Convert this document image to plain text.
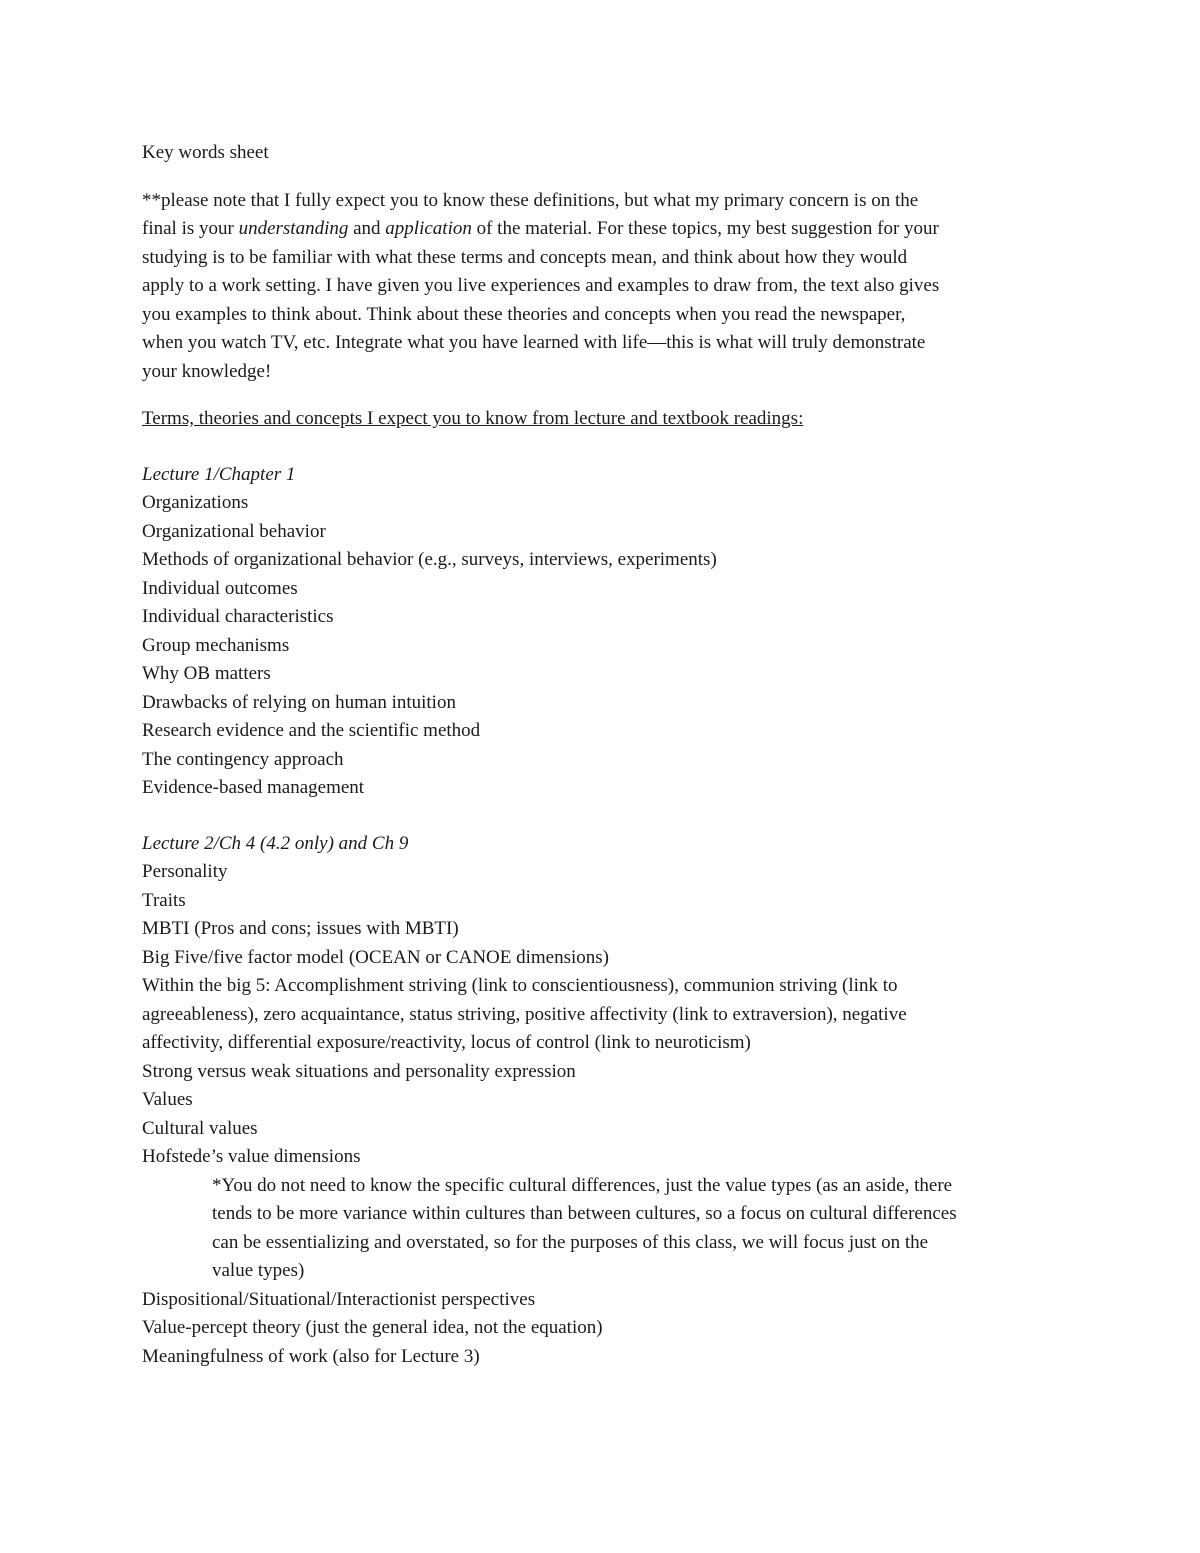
Key words sheet
**please note that I fully expect you to know these definitions, but what my primary concern is on the
final is your understanding and application of the material. For these topics, my best suggestion for your
studying is to be familiar with what these terms and concepts mean, and think about how they would
apply to a work setting. I have given you live experiences and examples to draw from, the text also gives
you examples to think about. Think about these theories and concepts when you read the newspaper,
when you watch TV, etc. Integrate what you have learned with life—this is what will truly demonstrate
your knowledge!
Terms, theories and concepts I expect you to know from lecture and textbook readings:
Lecture 1/Chapter 1
Organizations
Organizational behavior
Methods of organizational behavior (e.g., surveys, interviews, experiments)
Individual outcomes
Individual characteristics
Group mechanisms
Why OB matters
Drawbacks of relying on human intuition
Research evidence and the scientific method
The contingency approach
Evidence-based management
Lecture 2/Ch 4 (4.2 only) and Ch 9
Personality
Traits
MBTI (Pros and cons; issues with MBTI)
Big Five/five factor model (OCEAN or CANOE dimensions)
Within the big 5: Accomplishment striving (link to conscientiousness), communion striving (link to
agreeableness), zero acquaintance, status striving, positive affectivity (link to extraversion), negative
affectivity, differential exposure/reactivity, locus of control (link to neuroticism)
Strong versus weak situations and personality expression
Values
Cultural values
Hofstede’s value dimensions
*You do not need to know the specific cultural differences, just the value types (as an aside, there
tends to be more variance within cultures than between cultures, so a focus on cultural differences
can be essentializing and overstated, so for the purposes of this class, we will focus just on the
value types)
Dispositional/Situational/Interactionist perspectives
Value-percept theory (just the general idea, not the equation)
Meaningfulness of work (also for Lecture 3)
